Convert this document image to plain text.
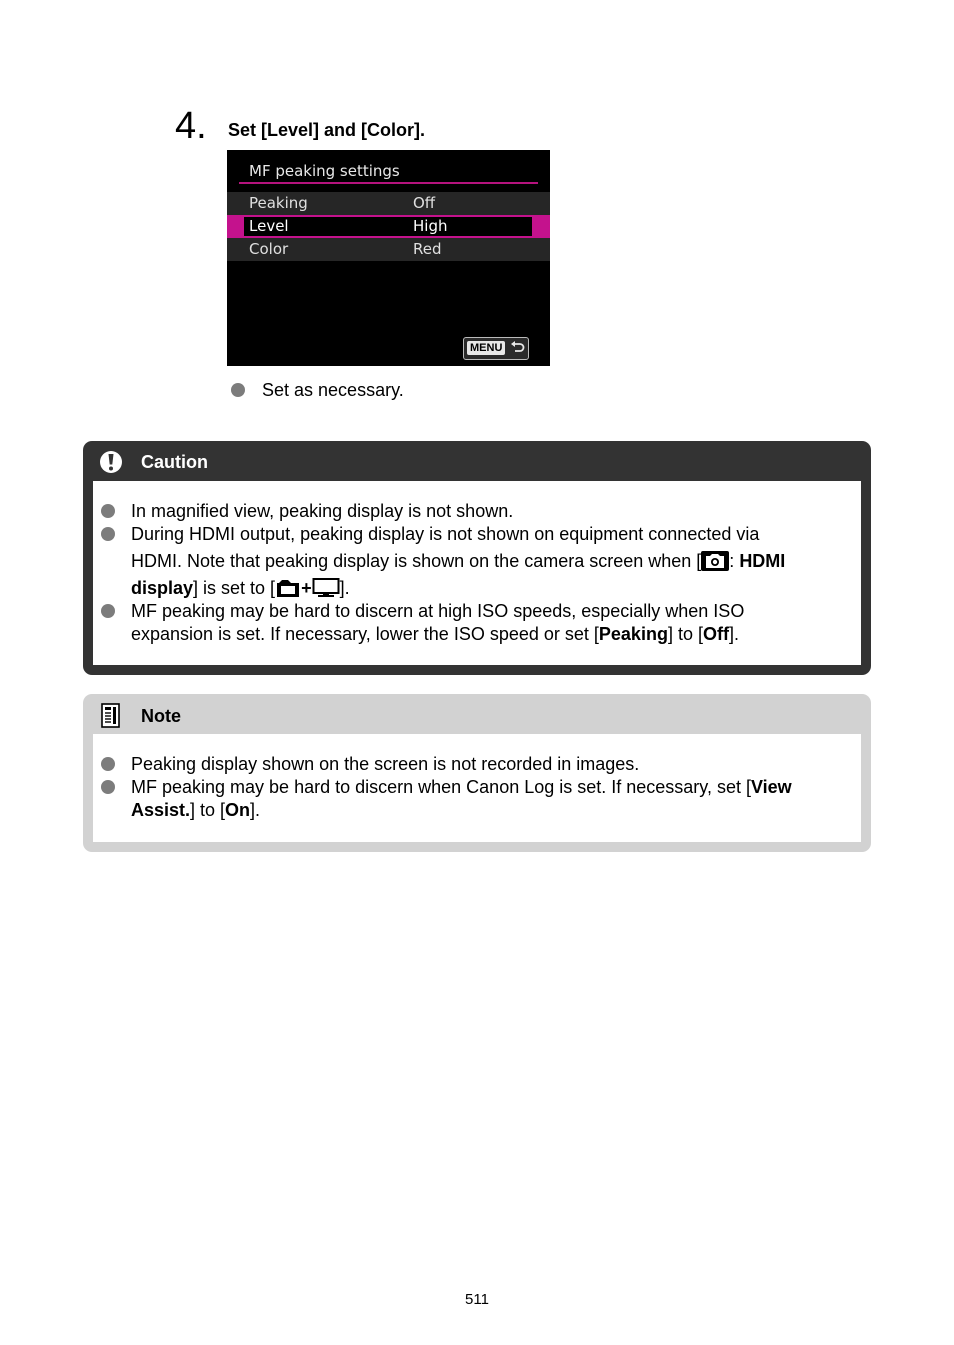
4. Set [Level] and [Color].
MF peaking settings
Peaking	Off
Level	High
Color	Red
MENU
Set as necessary.
Caution
In magnified view, peaking display is not shown.
During HDMI output, peaking display is not shown on equipment connected via
HDMI. Note that peaking display is shown on the camera screen when [ : HDMI
display] is set to [ + ].
MF peaking may be hard to discern at high ISO speeds, especially when ISO
expansion is set. If necessary, lower the ISO speed or set [Peaking] to [Off].
Note
Peaking display shown on the screen is not recorded in images.
MF peaking may be hard to discern when Canon Log is set. If necessary, set [View
Assist.] to [On].
511
